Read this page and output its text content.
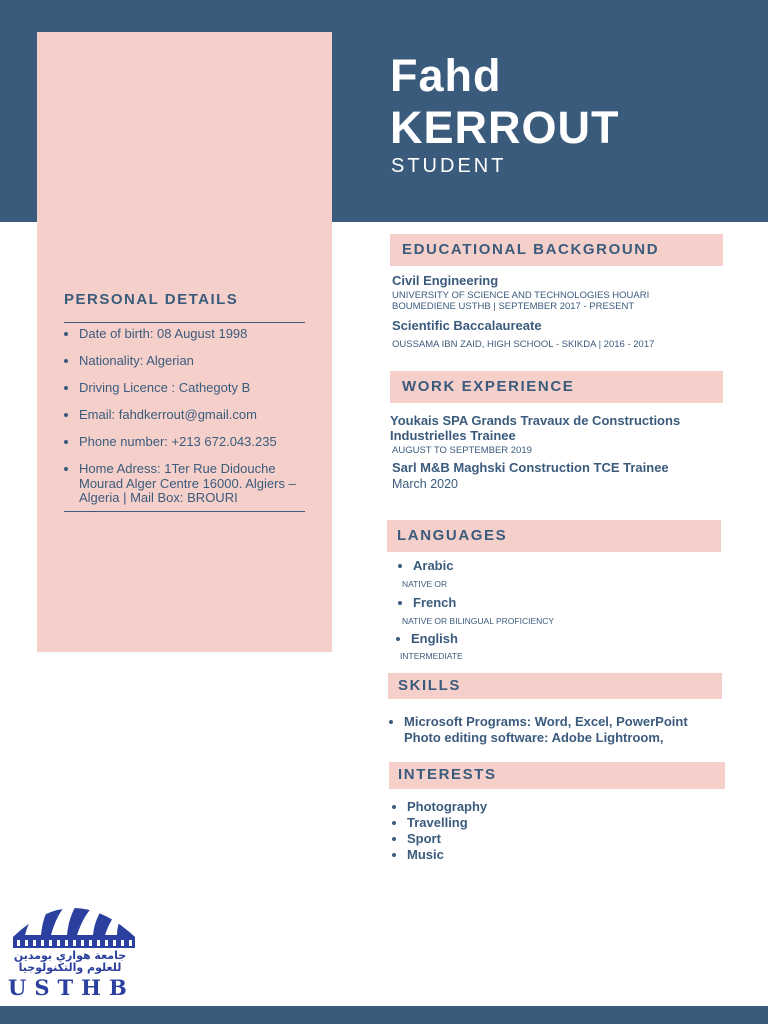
Fahd
KERROUT
STUDENT
PERSONAL DETAILS
• Date of birth: 08 August 1998
• Nationality: Algerian
• Driving Licence : Cathegoty B
• Email: fahdkerrout@gmail.com
• Phone number: +213 672.043.235
• Home Adress: 1Ter Rue Didouche Mourad Alger Centre 16000. Algiers – Algeria | Mail Box: BROURI
EDUCATIONAL BACKGROUND
Civil Engineering
UNIVERSITY OF SCIENCE AND TECHNOLOGIES HOUARI BOUMEDIENE USTHB | SEPTEMBER 2017 - PRESENT
Scientific Baccalaureate
OUSSAMA IBN ZAID, HIGH SCHOOL - SKIKDA | 2016 - 2017
WORK EXPERIENCE
Youkais SPA Grands Travaux de Constructions Industrielles Trainee
AUGUST TO SEPTEMBER 2019
Sarl M&B Maghski Construction TCE Trainee
March 2020
LANGUAGES
• Arabic
NATIVE OR
• French
NATIVE OR BILINGUAL PROFICIENCY
• English
INTERMEDIATE
SKILLS
• Microsoft Programs: Word, Excel, PowerPoint
Photo editing software: Adobe Lightroom,
INTERESTS
• Photography
• Travelling
• Sport
• Music
جامعة هواري بومدين
للعلوم والتكنولوجيا
USTHB
